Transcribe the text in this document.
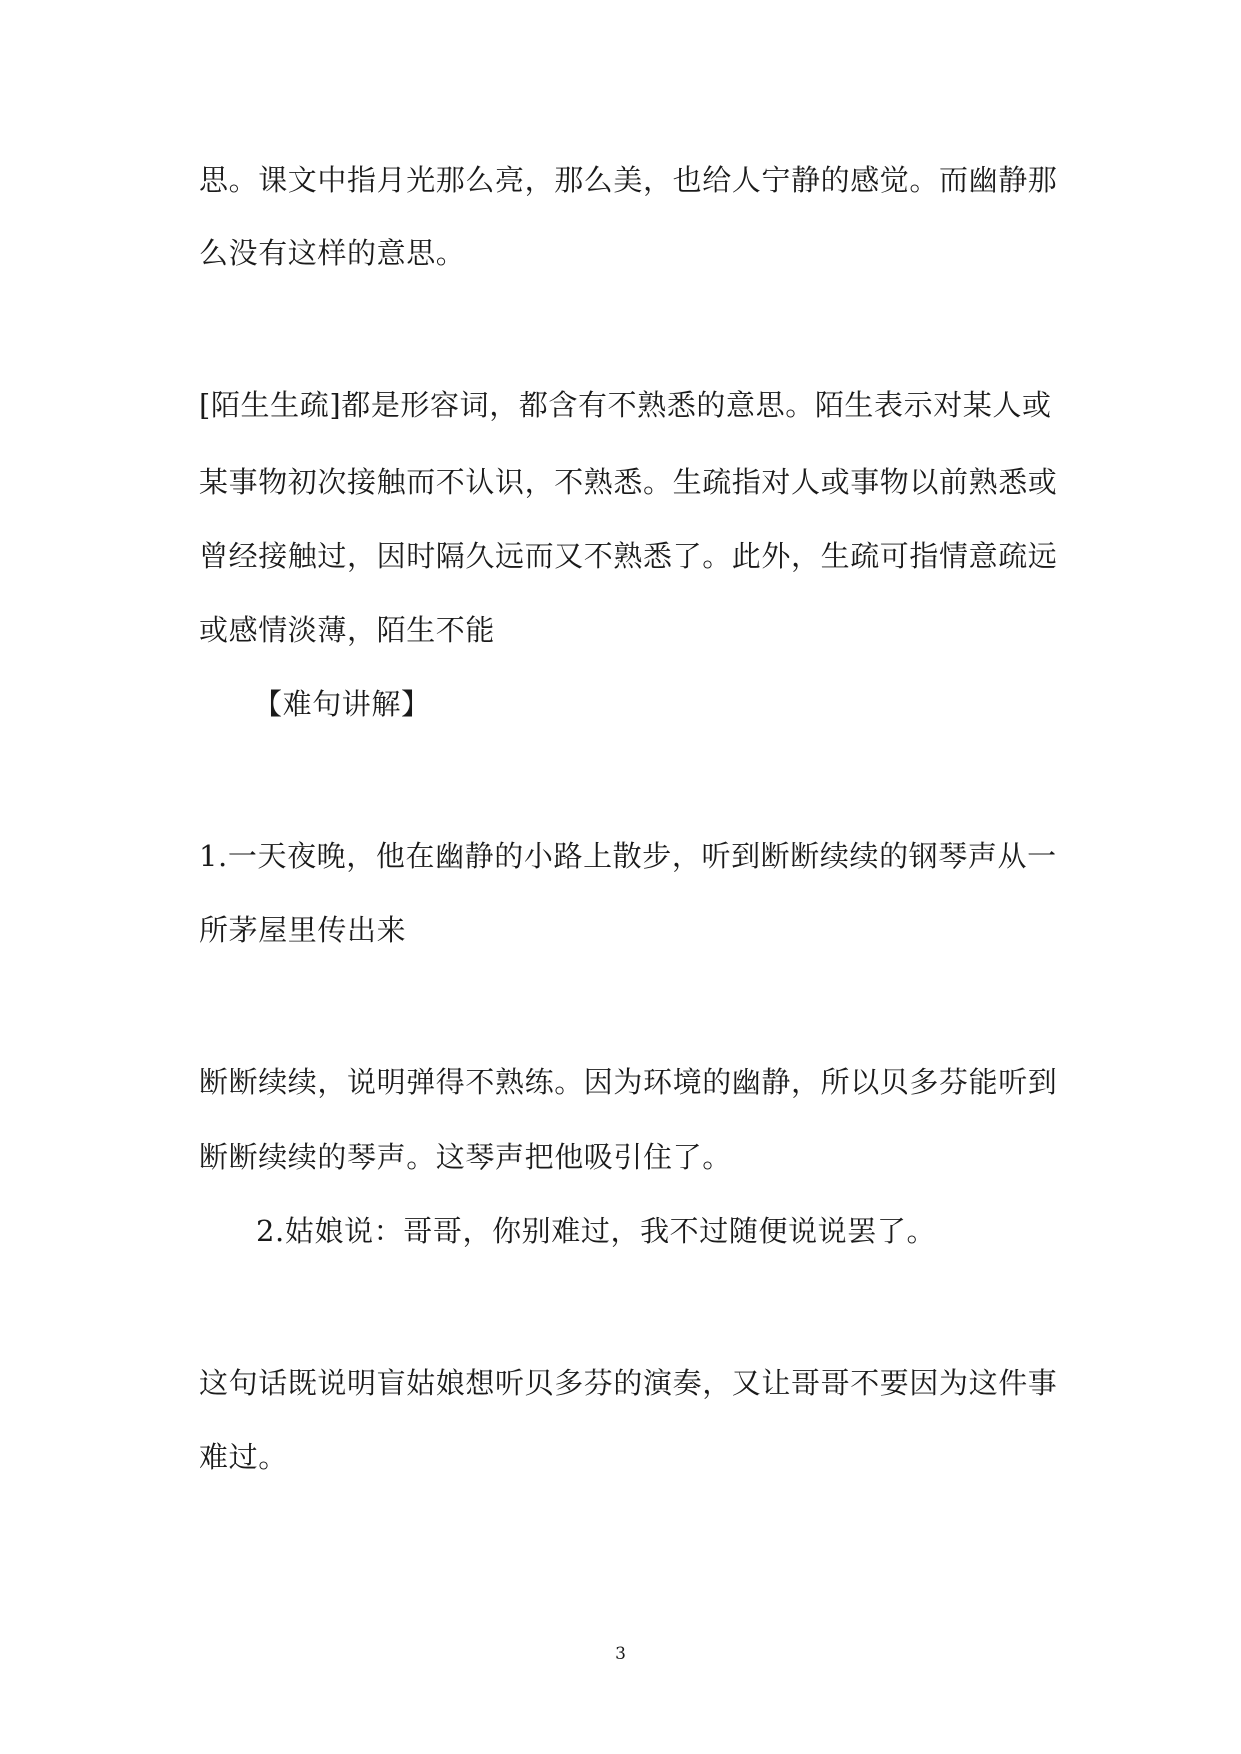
思。课文中指月光那么亮，那么美，也给人宁静的感觉。而幽静那
么没有这样的意思。
[陌生生疏]都是形容词，都含有不熟悉的意思。陌生表示对某人或
某事物初次接触而不认识，不熟悉。生疏指对人或事物以前熟悉或
曾经接触过，因时隔久远而又不熟悉了。此外，生疏可指情意疏远
或感情淡薄，陌生不能
【难句讲解】
1.一天夜晚，他在幽静的小路上散步，听到断断续续的钢琴声从一
所茅屋里传出来
断断续续，说明弹得不熟练。因为环境的幽静，所以贝多芬能听到
断断续续的琴声。这琴声把他吸引住了。
2.姑娘说：哥哥，你别难过，我不过随便说说罢了。
这句话既说明盲姑娘想听贝多芬的演奏，又让哥哥不要因为这件事
难过。
3
